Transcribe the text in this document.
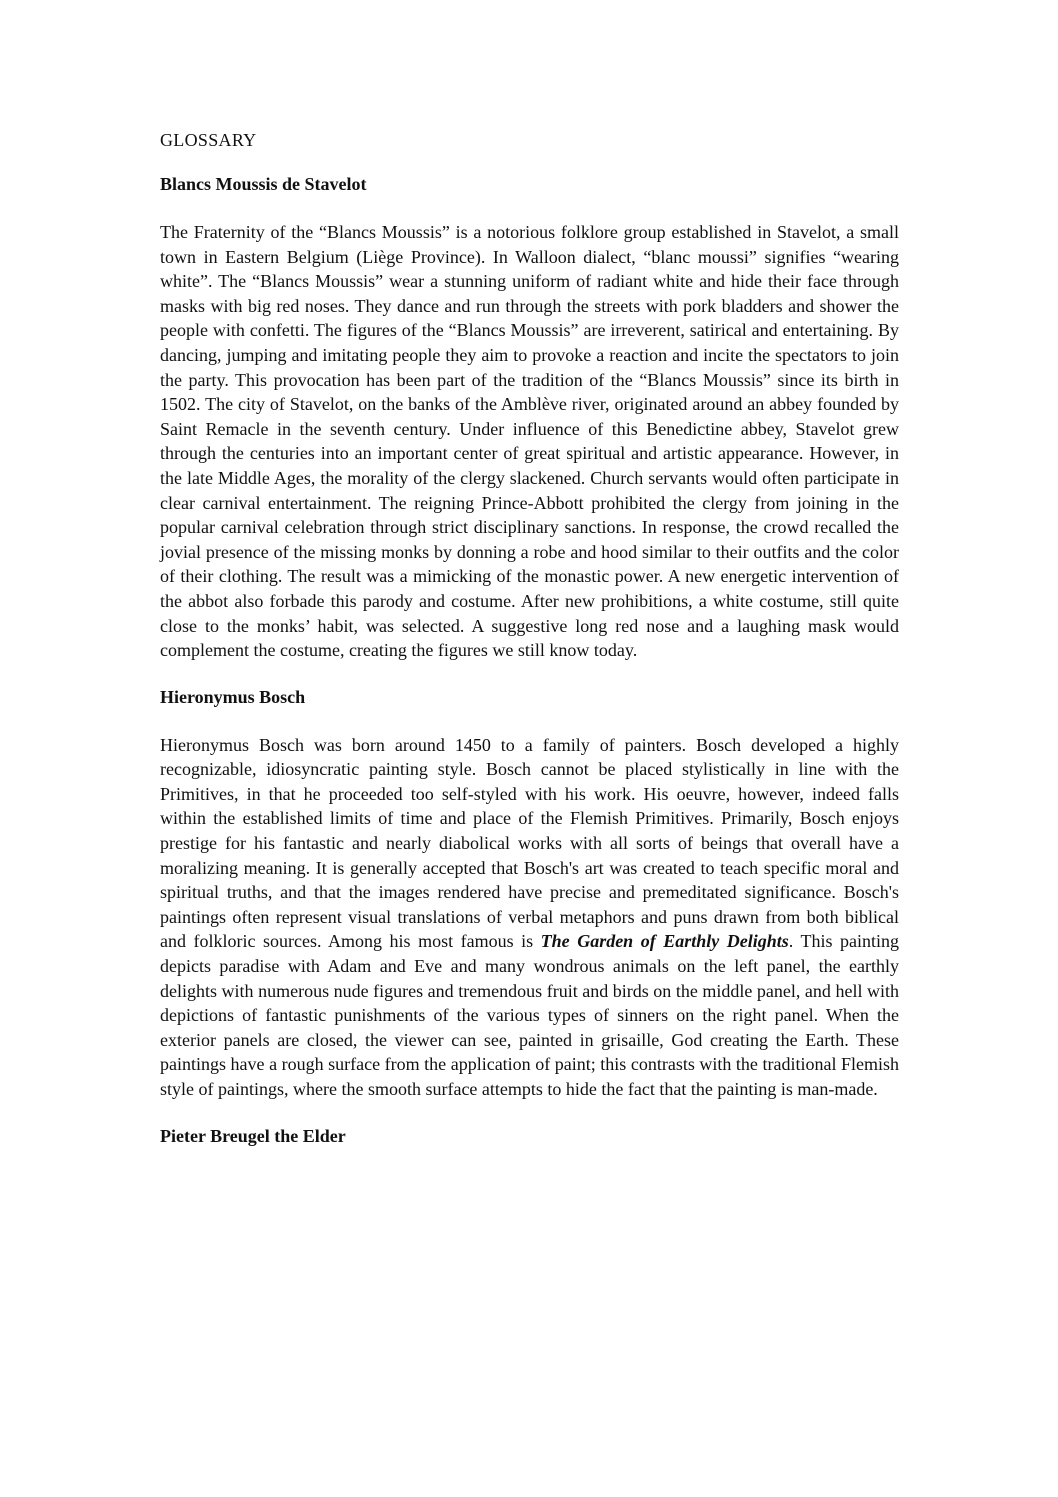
GLOSSARY
Blancs Moussis de Stavelot

The Fraternity of the “Blancs Moussis” is a notorious folklore group established in Stavelot, a small town in Eastern Belgium (Liège Province). In Walloon dialect, “blanc moussi” signifies “wearing white”. The “Blancs Moussis” wear a stunning uniform of radiant white and hide their face through masks with big red noses. They dance and run through the streets with pork bladders and shower the people with confetti. The figures of the “Blancs Moussis” are irreverent, satirical and entertaining. By dancing, jumping and imitating people they aim to provoke a reaction and incite the spectators to join the party. This provocation has been part of the tradition of the “Blancs Moussis” since its birth in 1502. The city of Stavelot, on the banks of the Amblève river, originated around an abbey founded by Saint Remacle in the seventh century. Under influence of this Benedictine abbey, Stavelot grew through the centuries into an important center of great spiritual and artistic appearance. However, in the late Middle Ages, the morality of the clergy slackened. Church servants would often participate in clear carnival entertainment. The reigning Prince-Abbott prohibited the clergy from joining in the popular carnival celebration through strict disciplinary sanctions. In response, the crowd recalled the jovial presence of the missing monks by donning a robe and hood similar to their outfits and the color of their clothing. The result was a mimicking of the monastic power. A new energetic intervention of the abbot also forbade this parody and costume. After new prohibitions, a white costume, still quite close to the monks’ habit, was selected. A suggestive long red nose and a laughing mask would complement the costume, creating the figures we still know today.

Hieronymus Bosch

Hieronymus Bosch was born around 1450 to a family of painters. Bosch developed a highly recognizable, idiosyncratic painting style. Bosch cannot be placed stylistically in line with the Primitives, in that he proceeded too self-styled with his work. His oeuvre, however, indeed falls within the established limits of time and place of the Flemish Primitives. Primarily, Bosch enjoys prestige for his fantastic and nearly diabolical works with all sorts of beings that overall have a moralizing meaning. It is generally accepted that Bosch's art was created to teach specific moral and spiritual truths, and that the images rendered have precise and premeditated significance. Bosch's paintings often represent visual translations of verbal metaphors and puns drawn from both biblical and folkloric sources. Among his most famous is The Garden of Earthly Delights. This painting depicts paradise with Adam and Eve and many wondrous animals on the left panel, the earthly delights with numerous nude figures and tremendous fruit and birds on the middle panel, and hell with depictions of fantastic punishments of the various types of sinners on the right panel. When the exterior panels are closed, the viewer can see, painted in grisaille, God creating the Earth. These paintings have a rough surface from the application of paint; this contrasts with the traditional Flemish style of paintings, where the smooth surface attempts to hide the fact that the painting is man-made.

Pieter Breugel the Elder
